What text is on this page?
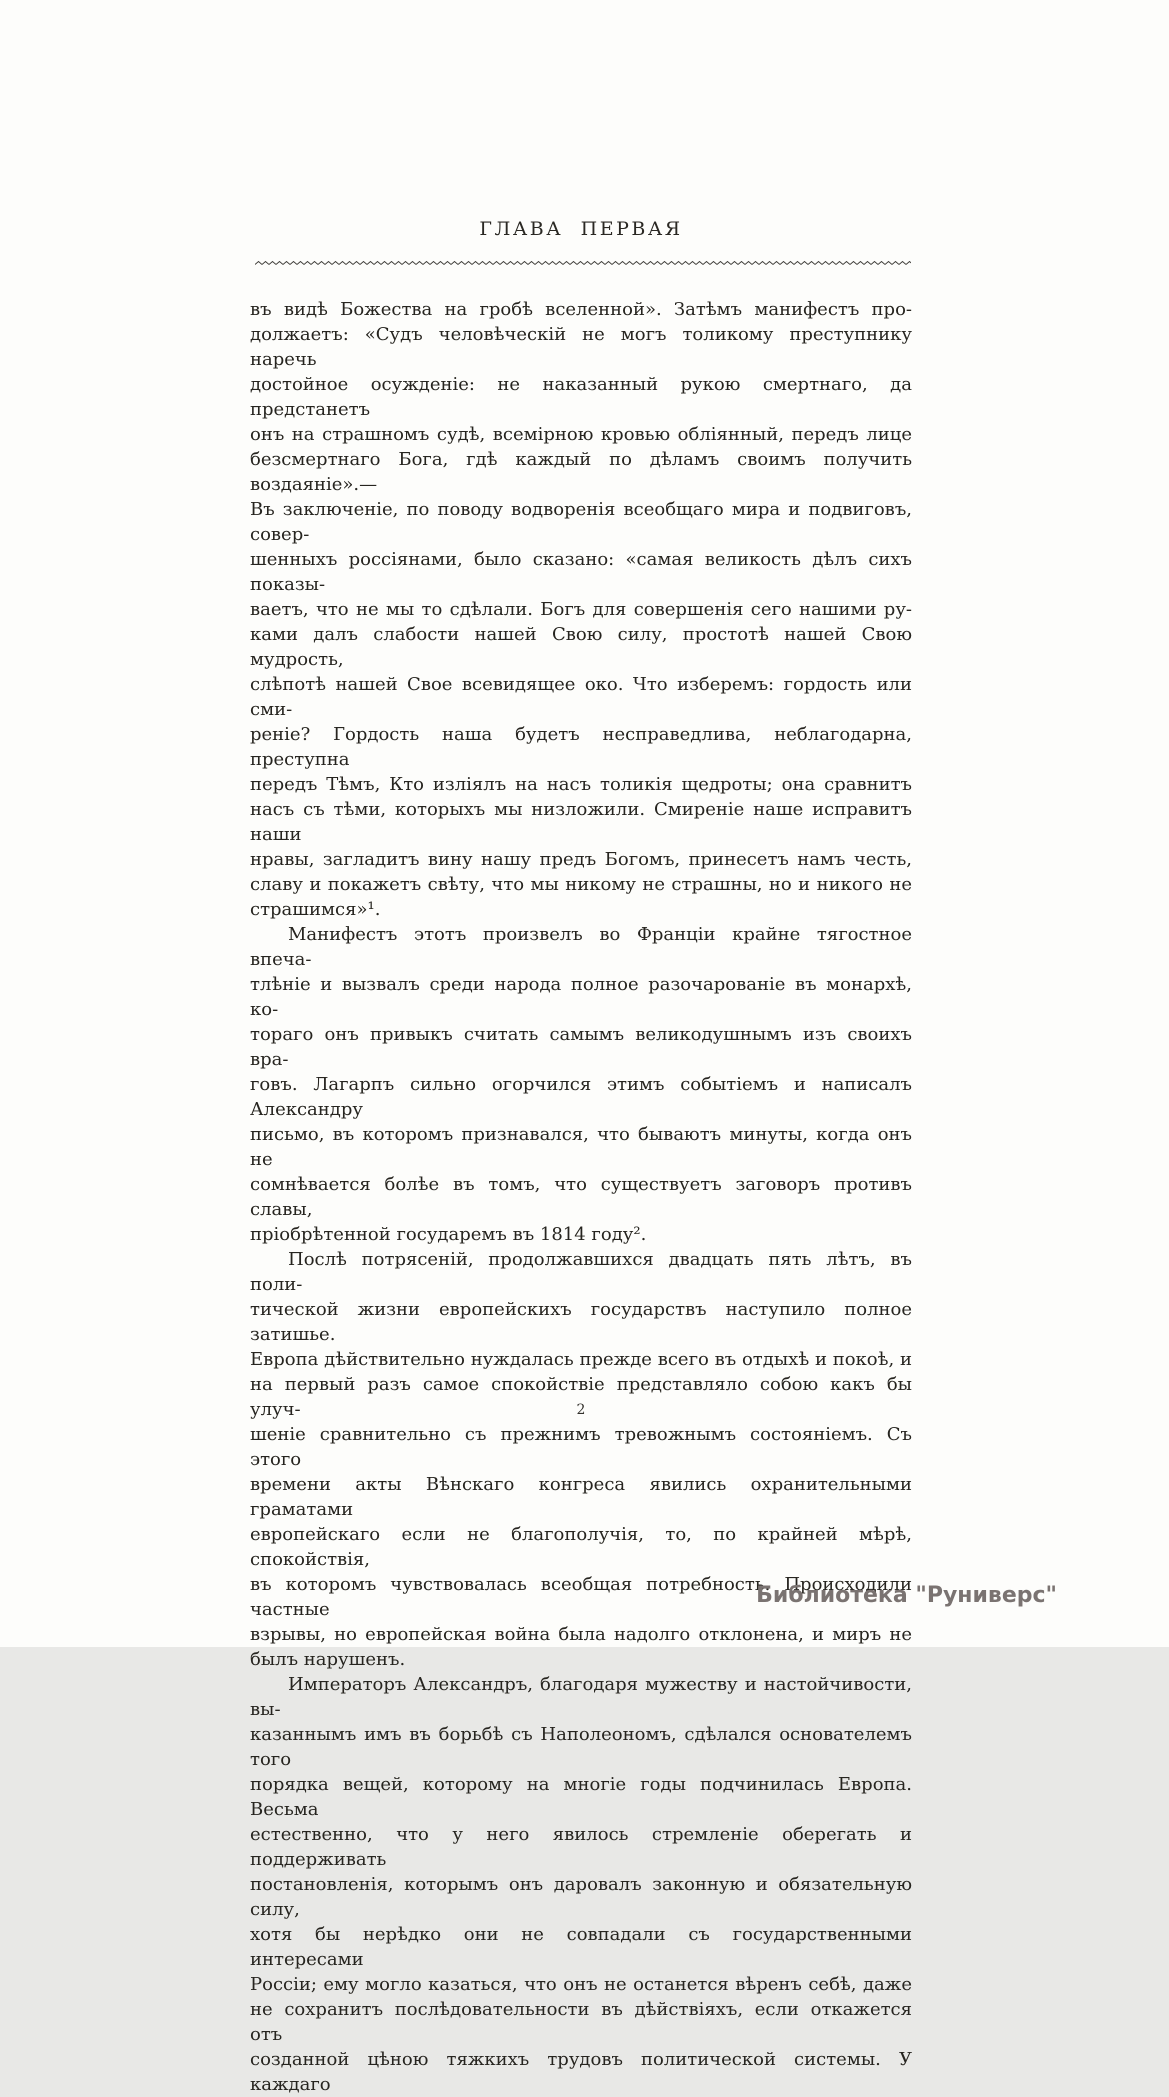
ГЛАВА ПЕРВАЯ
въ видѣ Божества на гробѣ вселенной». Затѣмъ манифестъ про-
должаетъ: «Судъ человѣческій не могъ толикому преступнику наречь
достойное осужденіе: не наказанный рукою смертнаго, да предстанетъ
онъ на страшномъ судѣ, всемірною кровью обліянный, передъ лице
безсмертнаго Бога, гдѣ каждый по дѣламъ своимъ получить воздаяніе».—
Въ заключеніе, по поводу водворенія всеобщаго мира и подвиговъ, совер-
шенныхъ россіянами, было сказано: «самая великость дѣлъ сихъ показы-
ваетъ, что не мы то сдѣлали. Богъ для совершенія сего нашими ру-
ками далъ слабости нашей Свою силу, простотѣ нашей Свою мудрость,
слѣпотѣ нашей Свое всевидящее око. Что изберемъ: гордость или сми-
реніе? Гордость наша будетъ несправедлива, неблагодарна, преступна
передъ Тѣмъ, Кто изліялъ на насъ толикія щедроты; она сравнитъ
насъ съ тѣми, которыхъ мы низложили. Смиреніе наше исправитъ наши
нравы, загладитъ вину нашу предъ Богомъ, принесетъ намъ честь,
славу и покажетъ свѣту, что мы никому не страшны, но и никого не
страшимся»¹.
Манифестъ этотъ произвелъ во Франціи крайне тягостное впеча-
тлѣніе и вызвалъ среди народа полное разочарованіе въ монархѣ, ко-
тораго онъ привыкъ считать самымъ великодушнымъ изъ своихъ вра-
говъ. Лагарпъ сильно огорчился этимъ событіемъ и написалъ Александру
письмо, въ которомъ признавался, что бываютъ минуты, когда онъ не
сомнѣвается болѣе въ томъ, что существуетъ заговоръ противъ славы,
пріобрѣтенной государемъ въ 1814 году².
Послѣ потрясеній, продолжавшихся двадцать пять лѣтъ, въ поли-
тической жизни европейскихъ государствъ наступило полное затишье.
Европа дѣйствительно нуждалась прежде всего въ отдыхѣ и покоѣ, и
на первый разъ самое спокойствіе представляло собою какъ бы улуч-
шеніе сравнительно съ прежнимъ тревожнымъ состояніемъ. Съ этого
времени акты Вѣнскаго конгреса явились охранительными граматами
европейскаго если не благополучія, то, по крайней мѣрѣ, спокойствія,
въ которомъ чувствовалась всеобщая потребность. Происходили частные
взрывы, но европейская война была надолго отклонена, и миръ не
былъ нарушенъ.
Императоръ Александръ, благодаря мужеству и настойчивости, вы-
казаннымъ имъ въ борьбѣ съ Наполеономъ, сдѣлался основателемъ того
порядка вещей, которому на многіе годы подчинилась Европа. Весьма
естественно, что у него явилось стремленіе оберегать и поддерживать
постановленія, которымъ онъ даровалъ законную и обязательную силу,
хотя бы нерѣдко они не совпадали съ государственными интересами
Россіи; ему могло казаться, что онъ не останется вѣренъ себѣ, даже
не сохранитъ послѣдовательности въ дѣйствіяхъ, если откажется отъ
созданной цѣною тяжкихъ трудовъ политической системы. У каждаго
2
Библиотека "Руниверс"
